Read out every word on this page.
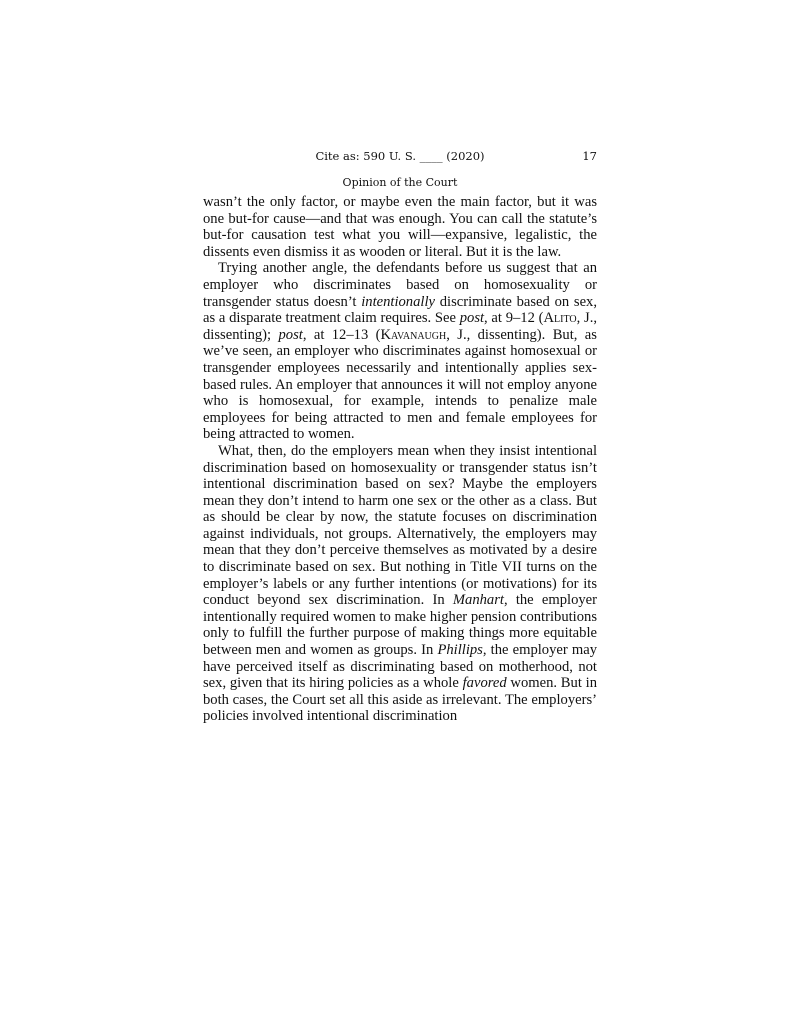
Cite as: 590 U. S. ____ (2020)	17
Opinion of the Court

wasn’t the only factor, or maybe even the main factor, but it was one but-for cause—and that was enough. You can call the statute’s but-for causation test what you will—expansive, legalistic, the dissents even dismiss it as wooden or literal. But it is the law.

Trying another angle, the defendants before us suggest that an employer who discriminates based on homosexuality or transgender status doesn’t intentionally discriminate based on sex, as a disparate treatment claim requires. See post, at 9–12 (Alito, J., dissenting); post, at 12–13 (Kavanaugh, J., dissenting). But, as we’ve seen, an employer who discriminates against homosexual or transgender employees necessarily and intentionally applies sex-based rules. An employer that announces it will not employ anyone who is homosexual, for example, intends to penalize male employees for being attracted to men and female employees for being attracted to women.

What, then, do the employers mean when they insist intentional discrimination based on homosexuality or transgender status isn’t intentional discrimination based on sex? Maybe the employers mean they don’t intend to harm one sex or the other as a class. But as should be clear by now, the statute focuses on discrimination against individuals, not groups. Alternatively, the employers may mean that they don’t perceive themselves as motivated by a desire to discriminate based on sex. But nothing in Title VII turns on the employer’s labels or any further intentions (or motivations) for its conduct beyond sex discrimination. In Manhart, the employer intentionally required women to make higher pension contributions only to fulfill the further purpose of making things more equitable between men and women as groups. In Phillips, the employer may have perceived itself as discriminating based on motherhood, not sex, given that its hiring policies as a whole favored women. But in both cases, the Court set all this aside as irrelevant. The employers’ policies involved intentional discrimination
